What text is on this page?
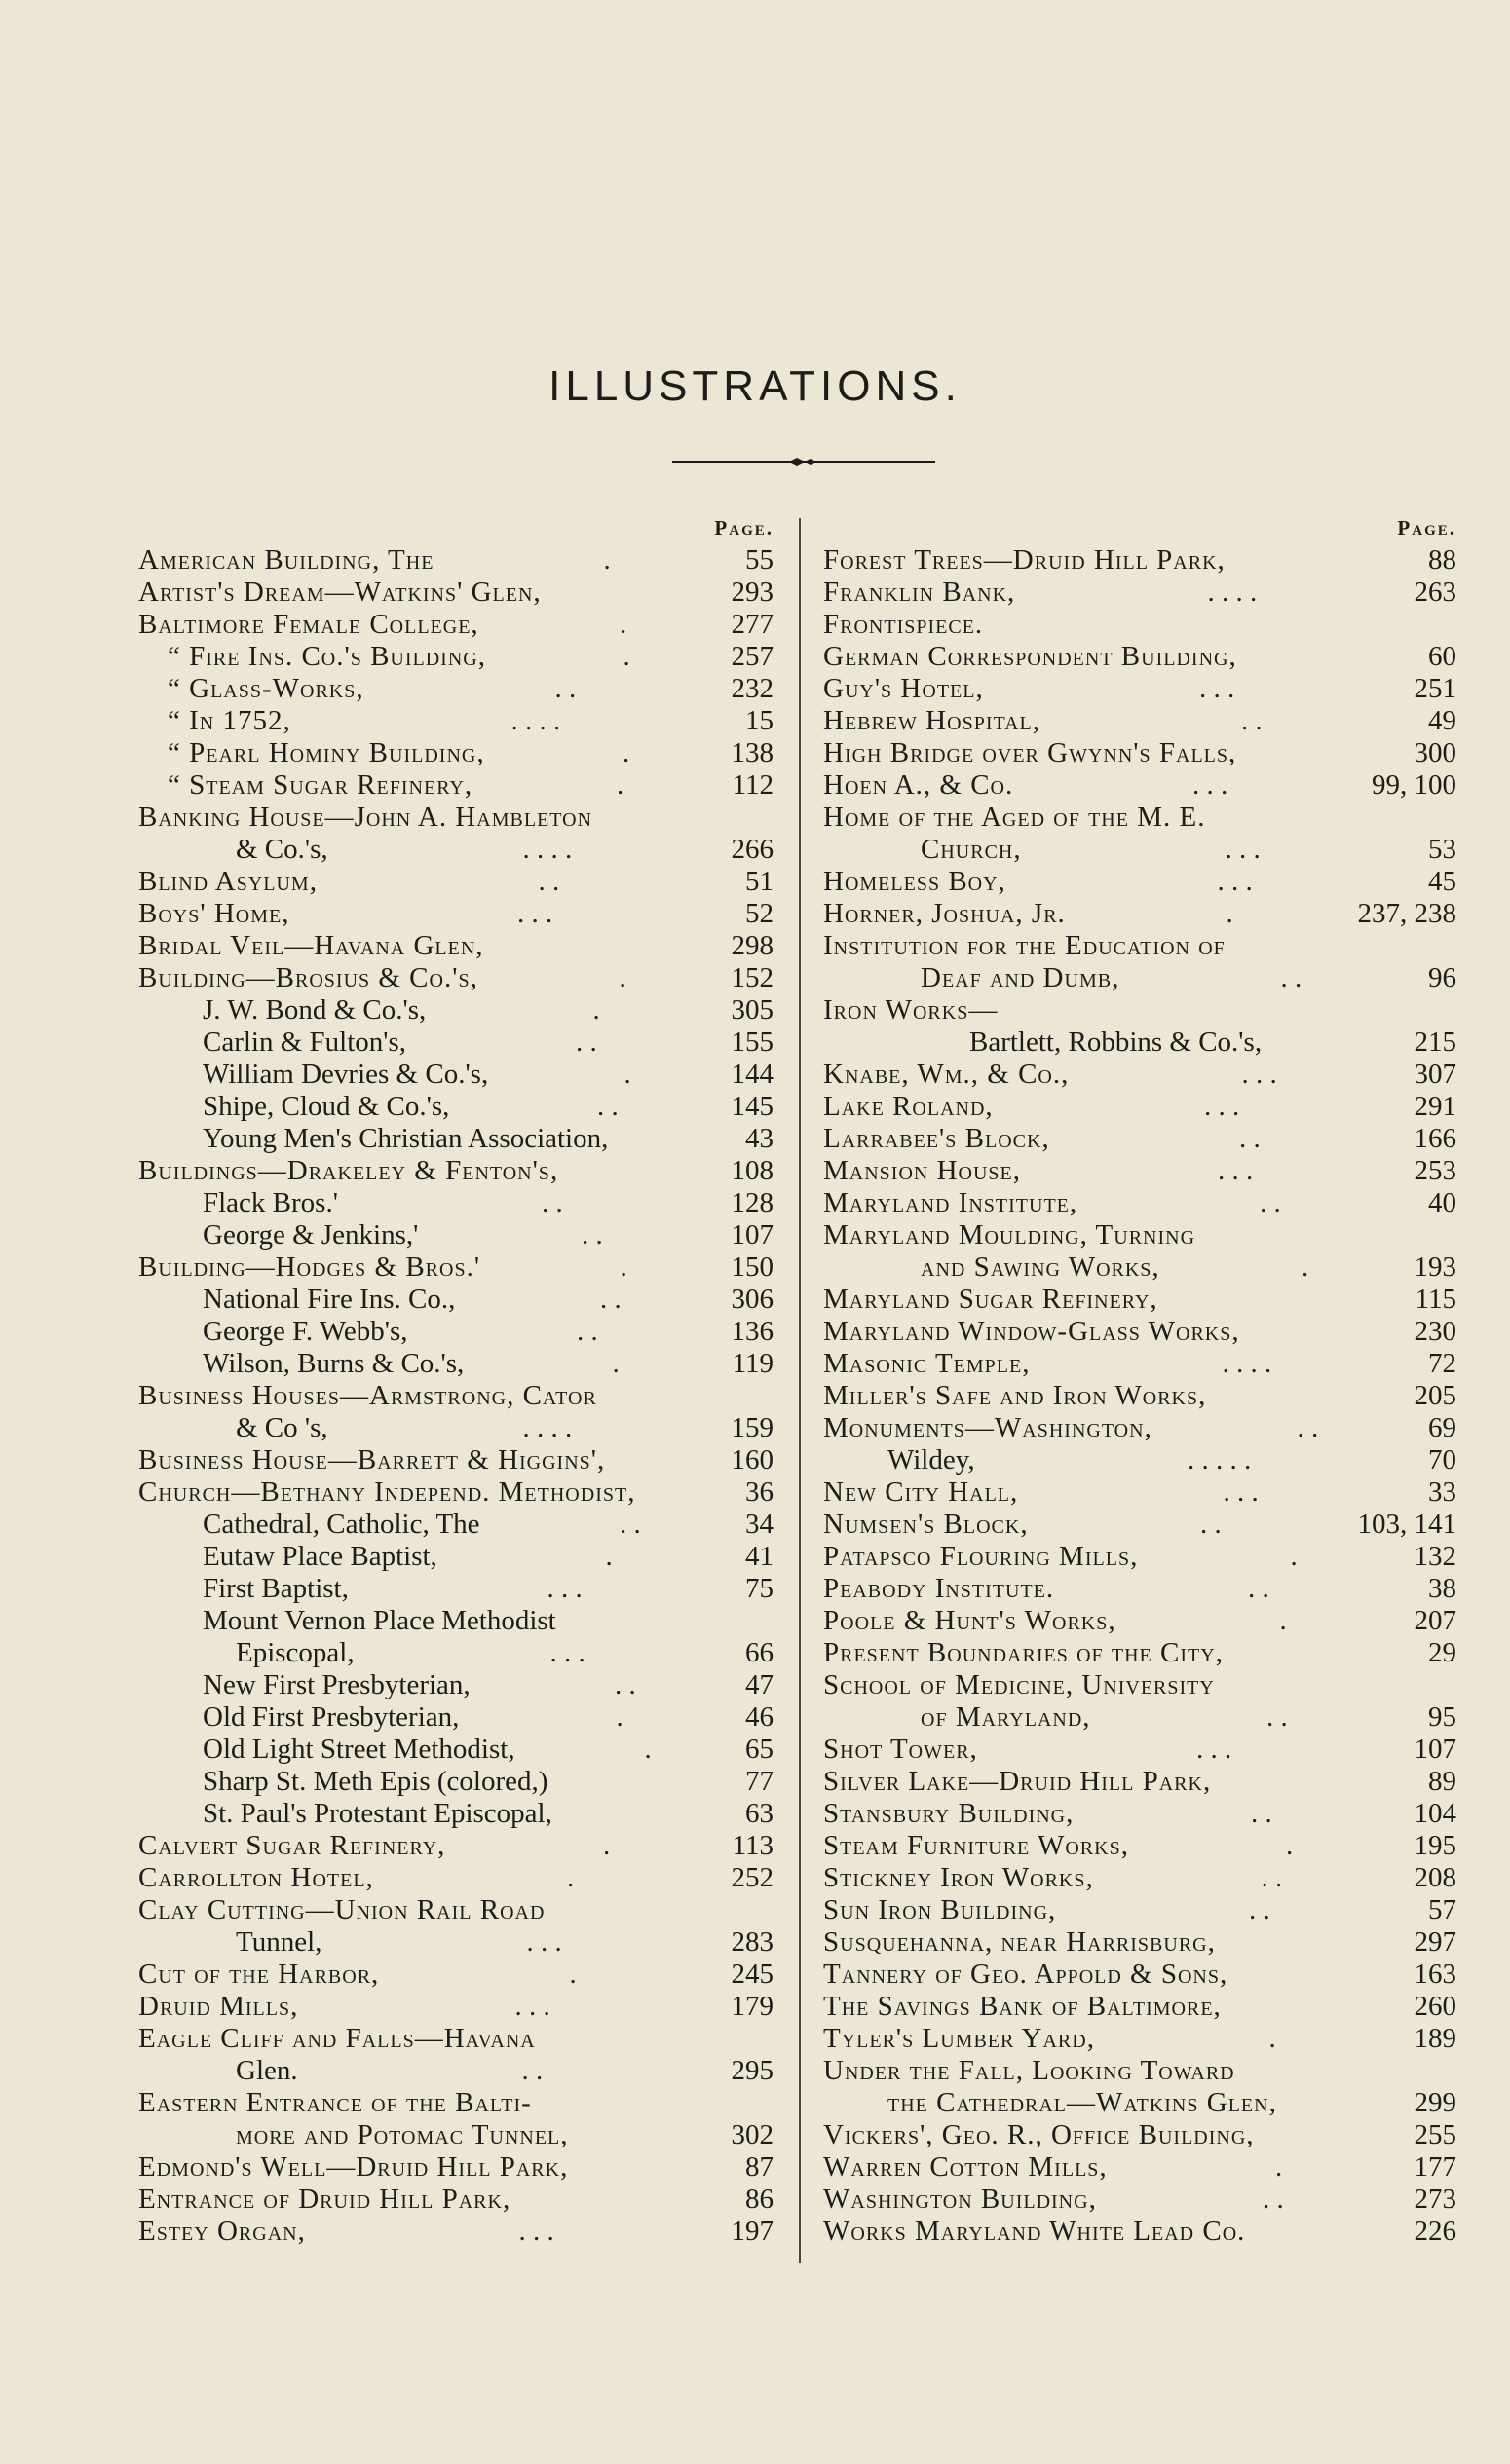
ILLUSTRATIONS.
Page.
American Building, The	.	55
Artist's Dream—Watkins' Glen,	293
Baltimore Female College,	.	277
“ Fire Ins. Co.'s Building,	.	257
“ Glass-Works,	. .	232
“ In 1752,	. . . .	15
“ Pearl Hominy Building,	.	138
“ Steam Sugar Refinery,	.	112
Banking House—John A. Hambleton
& Co.'s,	. . . .	266
Blind Asylum,	. .	51
Boys' Home,	. . .	52
Bridal Veil—Havana Glen,	298
Building—Brosius & Co.'s,	.	152
J. W. Bond & Co.'s,	.	305
Carlin & Fulton's,	. .	155
William Devries & Co.'s,	.	144
Shipe, Cloud & Co.'s,	. .	145
Young Men's Christian Association,	43
Buildings—Drakeley & Fenton's,	108
Flack Bros.'	. .	128
George & Jenkins,'	. .	107
Building—Hodges & Bros.'	.	150
National Fire Ins. Co.,	. .	306
George F. Webb's,	. .	136
Wilson, Burns & Co.'s,	.	119
Business Houses—Armstrong, Cator
& Co 's,	. . . .	159
Business House—Barrett & Higgins',	160
Church—Bethany Independ. Methodist,	36
Cathedral, Catholic, The	. .	34
Eutaw Place Baptist,	.	41
First Baptist,	. . .	75
Mount Vernon Place Methodist
Episcopal,	. . .	66
New First Presbyterian,	. .	47
Old First Presbyterian,	.	46
Old Light Street Methodist,	.	65
Sharp St. Meth Epis (colored,)	77
St. Paul's Protestant Episcopal,	63
Calvert Sugar Refinery,	.	113
Carrollton Hotel,	.	252
Clay Cutting—Union Rail Road
Tunnel,	. . .	283
Cut of the Harbor,	.	245
Druid Mills,	. . .	179
Eagle Cliff and Falls—Havana
Glen.	. .	295
Eastern Entrance of the Balti-
more and Potomac Tunnel,	302
Edmond's Well—Druid Hill Park,	87
Entrance of Druid Hill Park,	86
Estey Organ,	. . .	197
Page.
Forest Trees—Druid Hill Park,	88
Franklin Bank,	. . . .	263
Frontispiece.
German Correspondent Building,	60
Guy's Hotel,	. . .	251
Hebrew Hospital,	. .	49
High Bridge over Gwynn's Falls,	300
Hoen A., & Co.	. . .	99, 100
Home of the Aged of the M. E.
Church,	. . .	53
Homeless Boy,	. . .	45
Horner, Joshua, Jr.	.	237, 238
Institution for the Education of
Deaf and Dumb,	. .	96
Iron Works—
Bartlett, Robbins & Co.'s,	215
Knabe, Wm., & Co.,	. . .	307
Lake Roland,	. . .	291
Larrabee's Block,	. .	166
Mansion House,	. . .	253
Maryland Institute,	. .	40
Maryland Moulding, Turning
and Sawing Works,	.	193
Maryland Sugar Refinery,	115
Maryland Window-Glass Works,	230
Masonic Temple,	. . . .	72
Miller's Safe and Iron Works,	205
Monuments—Washington,	. .	69
Wildey,	. . . . .	70
New City Hall,	. . .	33
Numsen's Block,	. .	103, 141
Patapsco Flouring Mills,	.	132
Peabody Institute.	. .	38
Poole & Hunt's Works,	.	207
Present Boundaries of the City,	29
School of Medicine, University
of Maryland,	. .	95
Shot Tower,	. . .	107
Silver Lake—Druid Hill Park,	89
Stansbury Building,	. .	104
Steam Furniture Works,	.	195
Stickney Iron Works,	. .	208
Sun Iron Building,	. .	57
Susquehanna, near Harrisburg,	297
Tannery of Geo. Appold & Sons,	163
The Savings Bank of Baltimore,	260
Tyler's Lumber Yard,	.	189
Under the Fall, Looking Toward
the Cathedral—Watkins Glen,	299
Vickers', Geo. R., Office Building,	255
Warren Cotton Mills,	.	177
Washington Building,	. .	273
Works Maryland White Lead Co.	226
